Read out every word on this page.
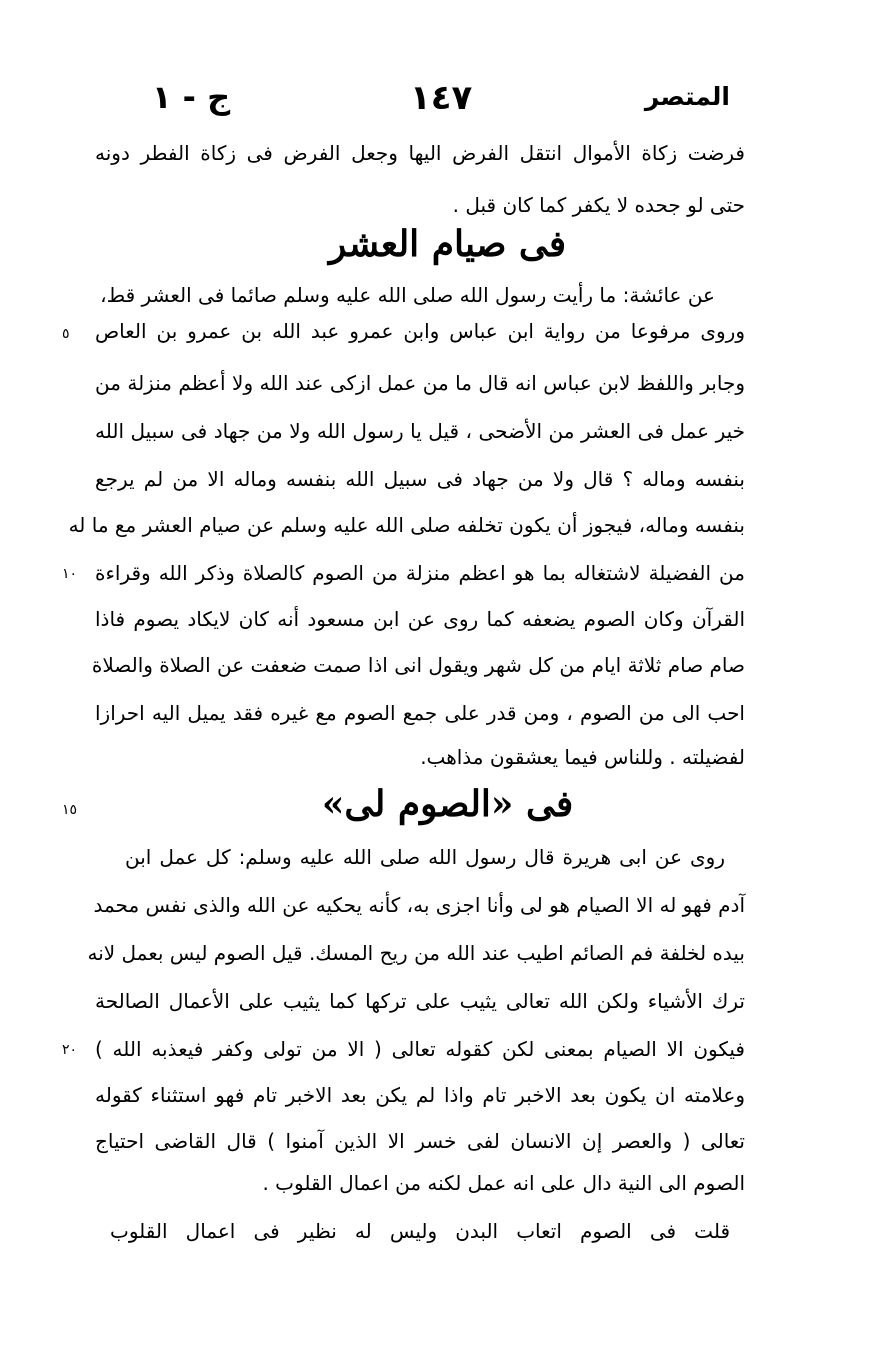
المتصر
١٤٧
ج - ١
فرضت زكاة الأموال انتقل الفرض اليها وجعل الفرض فى زكاة الفطر دونه
حتى لو جحده لا يكفر كما كان قبل .
فى صيام العشر
عن عائشة: ما رأيت رسول الله صلى الله عليه وسلم صائما فى العشر قط،
وروى مرفوعا من رواية ابن عباس وابن عمرو عبد الله بن عمرو بن العاص
وجابر واللفظ لابن عباس انه قال ما من عمل ازكى عند الله ولا أعظم منزلة من
خير عمل فى العشر من الأضحى ، قيل يا رسول الله ولا من جهاد فى سبيل الله
بنفسه وماله ؟ قال ولا من جهاد فى سبيل الله بنفسه وماله الا من لم يرجع
بنفسه وماله، فيجوز أن يكون تخلفه صلى الله عليه وسلم عن صيام العشر مع ما له
من الفضيلة لاشتغاله بما هو اعظم منزلة من الصوم كالصلاة وذكر الله وقراءة
القرآن وكان الصوم يضعفه كما روى عن ابن مسعود أنه كان لايكاد يصوم فاذا
صام صام ثلاثة ايام من كل شهر ويقول انى اذا صمت ضعفت عن الصلاة والصلاة
احب الى من الصوم ، ومن قدر على جمع الصوم مع غيره فقد يميل اليه احرازا
لفضيلته . وللناس فيما يعشقون مذاهب.
فى «الصوم لى»
روى عن ابى هريرة قال رسول الله صلى الله عليه وسلم: كل عمل ابن
آدم فهو له الا الصيام هو لى وأنا اجزى به، كأنه يحكيه عن الله والذى نفس محمد
بيده لخلفة فم الصائم اطيب عند الله من ريح المسك. قيل الصوم ليس بعمل لانه
ترك الأشياء ولكن الله تعالى يثيب على تركها كما يثيب على الأعمال الصالحة
فيكون الا الصيام بمعنى لكن كقوله تعالى ( الا من تولى وكفر فيعذبه الله )
وعلامته ان يكون بعد الاخبر تام واذا لم يكن بعد الاخبر تام فهو استثناء كقوله
تعالى ( والعصر إن الانسان لفى خسر الا الذين آمنوا ) قال القاضى احتياج
الصوم الى النية دال على انه عمل لكنه من اعمال القلوب .
قلت فى الصوم اتعاب البدن وليس له نظير فى اعمال القلوب
٥
١٠
١٥
٢٠
